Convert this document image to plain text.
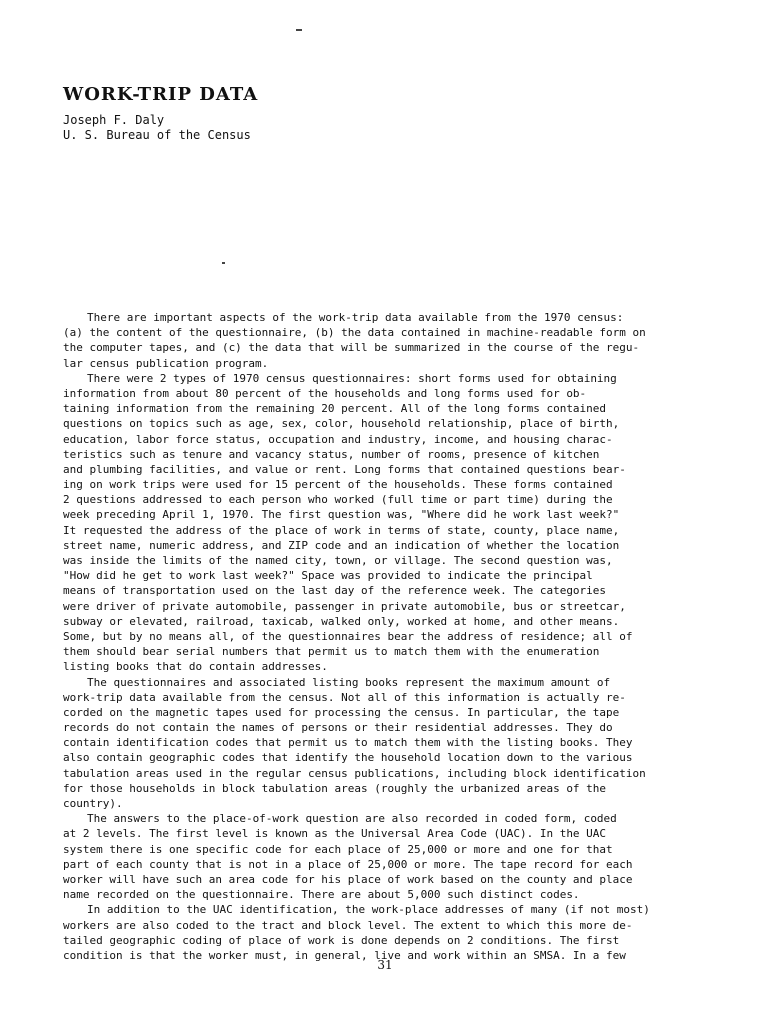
WORK-TRIP DATA
Joseph F. Daly
U. S. Bureau of the Census
There are important aspects of the work-trip data available from the 1970 census:
(a) the content of the questionnaire, (b) the data contained in machine-readable form on
the computer tapes, and (c) the data that will be summarized in the course of the regu-
lar census publication program.
There were 2 types of 1970 census questionnaires: short forms used for obtaining
information from about 80 percent of the households and long forms used for ob-
taining information from the remaining 20 percent. All of the long forms contained
questions on topics such as age, sex, color, household relationship, place of birth,
education, labor force status, occupation and industry, income, and housing charac-
teristics such as tenure and vacancy status, number of rooms, presence of kitchen
and plumbing facilities, and value or rent. Long forms that contained questions bear-
ing on work trips were used for 15 percent of the households. These forms contained
2 questions addressed to each person who worked (full time or part time) during the
week preceding April 1, 1970. The first question was, "Where did he work last week?"
It requested the address of the place of work in terms of state, county, place name,
street name, numeric address, and ZIP code and an indication of whether the location
was inside the limits of the named city, town, or village. The second question was,
"How did he get to work last week?" Space was provided to indicate the principal
means of transportation used on the last day of the reference week. The categories
were driver of private automobile, passenger in private automobile, bus or streetcar,
subway or elevated, railroad, taxicab, walked only, worked at home, and other means.
Some, but by no means all, of the questionnaires bear the address of residence; all of
them should bear serial numbers that permit us to match them with the enumeration
listing books that do contain addresses.
The questionnaires and associated listing books represent the maximum amount of
work-trip data available from the census. Not all of this information is actually re-
corded on the magnetic tapes used for processing the census. In particular, the tape
records do not contain the names of persons or their residential addresses. They do
contain identification codes that permit us to match them with the listing books. They
also contain geographic codes that identify the household location down to the various
tabulation areas used in the regular census publications, including block identification
for those households in block tabulation areas (roughly the urbanized areas of the
country).
The answers to the place-of-work question are also recorded in coded form, coded
at 2 levels. The first level is known as the Universal Area Code (UAC). In the UAC
system there is one specific code for each place of 25,000 or more and one for that
part of each county that is not in a place of 25,000 or more. The tape record for each
worker will have such an area code for his place of work based on the county and place
name recorded on the questionnaire. There are about 5,000 such distinct codes.
In addition to the UAC identification, the work-place addresses of many (if not most)
workers are also coded to the tract and block level. The extent to which this more de-
tailed geographic coding of place of work is done depends on 2 conditions. The first
condition is that the worker must, in general, live and work within an SMSA. In a few
31
